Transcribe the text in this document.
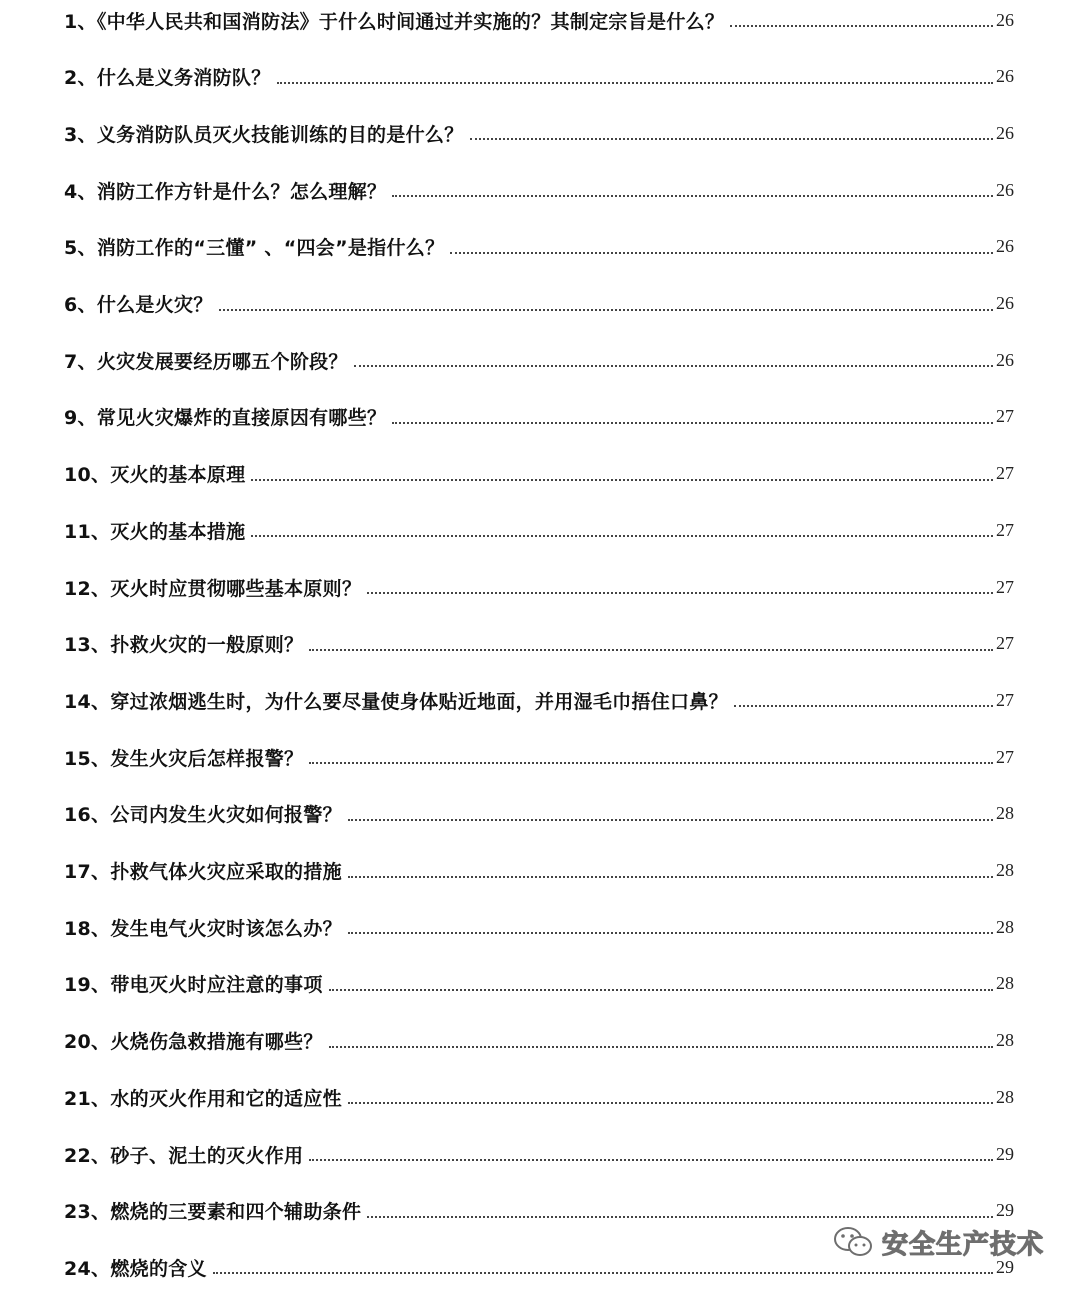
1、《中华人民共和国消防法》于什么时间通过并实施的？其制定宗旨是什么？	26
2、什么是义务消防队？	26
3、义务消防队员灭火技能训练的目的是什么？	26
4、消防工作方针是什么？怎么理解？	26
5、消防工作的“三懂” 、“四会”是指什么？	26
6、什么是火灾？	26
7、火灾发展要经历哪五个阶段？	26
9、常见火灾爆炸的直接原因有哪些？	27
10、灭火的基本原理	27
11、灭火的基本措施	27
12、灭火时应贯彻哪些基本原则？	27
13、扑救火灾的一般原则？	27
14、穿过浓烟逃生时，为什么要尽量使身体贴近地面，并用湿毛巾捂住口鼻？	27
15、发生火灾后怎样报警？	27
16、公司内发生火灾如何报警？	28
17、扑救气体火灾应采取的措施	28
18、发生电气火灾时该怎么办？	28
19、带电灭火时应注意的事项	28
20、火烧伤急救措施有哪些？	28
21、水的灭火作用和它的适应性	28
22、砂子、泥土的灭火作用	29
23、燃烧的三要素和四个辅助条件	29
24、燃烧的含义	29
安全生产技术
